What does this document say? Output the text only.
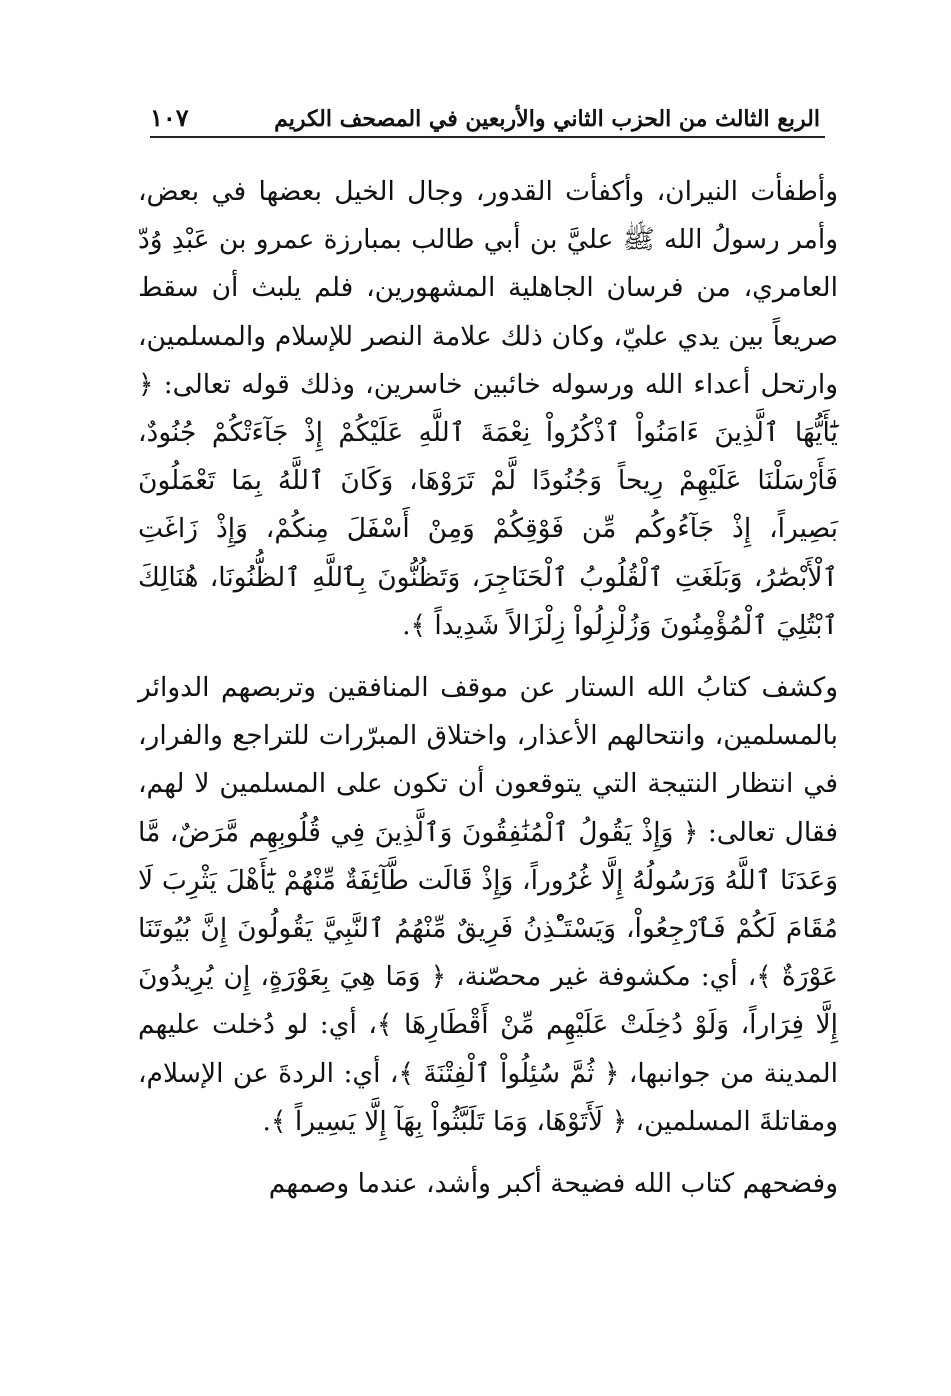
الربع الثالث من الحزب الثاني والأربعين في المصحف الكريم
١٠٧

وأطفأت النيران، وأكفأت القدور، وجال الخيل بعضها في بعض، وأمر رسولُ الله ﷺ عليَّ بن أبي طالب بمبارزة عمرو بن عَبْدِ وُدّ العامري، من فرسان الجاهلية المشهورين، فلم يلبث أن سقط صريعاً بين يدي عليّ، وكان ذلك علامة النصر للإسلام والمسلمين، وارتحل أعداء الله ورسوله خائبين خاسرين، وذلك قوله تعالى: ﴿ يَٰٓأَيُّهَا ٱلَّذِينَ ءَامَنُواْ ٱذْكُرُواْ نِعْمَةَ ٱللَّهِ عَلَيْكُمْ إِذْ جَآءَتْكُمْ جُنُودٌ، فَأَرْسَلْنَا عَلَيْهِمْ رِيحاً وَجُنُودًا لَّمْ تَرَوْهَا، وَكَانَ ٱللَّهُ بِمَا تَعْمَلُونَ بَصِيراً، إِذْ جَآءُوكُم مِّن فَوْقِكُمْ وَمِنْ أَسْفَلَ مِنكُمْ، وَإِذْ زَاغَتِ ٱلْأَبْصَٰرُ، وَبَلَغَتِ ٱلْقُلُوبُ ٱلْحَنَاجِرَ، وَتَظُنُّونَ بِٱللَّهِ ٱلظُّنُونَا، هُنَالِكَ ٱبْتُلِيَ ٱلْمُؤْمِنُونَ وَزُلْزِلُواْ زِلْزَالاً شَدِيداً ﴾.

وكشف كتابُ الله الستار عن موقف المنافقين وتربصهم الدوائر بالمسلمين، وانتحالهم الأعذار، واختلاق المبرّرات للتراجع والفرار، في انتظار النتيجة التي يتوقعون أن تكون على المسلمين لا لهم، فقال تعالى: ﴿ وَإِذْ يَقُولُ ٱلْمُنَٰفِقُونَ وَٱلَّذِينَ فِي قُلُوبِهِم مَّرَضٌ، مَّا وَعَدَنَا ٱللَّهُ وَرَسُولُهُ إِلَّا غُرُوراً، وَإِذْ قَالَت طَّآئِفَةٌ مِّنْهُمْ يَٰٓأَهْلَ يَثْرِبَ لَا مُقَامَ لَكُمْ فَٱرْجِعُواْ، وَيَسْتَـْٔذِنُ فَرِيقٌ مِّنْهُمُ ٱلنَّبِيَّ يَقُولُونَ إِنَّ بُيُوتَنَا عَوْرَةٌ ﴾، أي: مكشوفة غير محصّنة، ﴿ وَمَا هِيَ بِعَوْرَةٍ، إِن يُرِيدُونَ إِلَّا فِرَاراً، وَلَوْ دُخِلَتْ عَلَيْهِم مِّنْ أَقْطَارِهَا ﴾، أي: لو دُخلت عليهم المدينة من جوانبها، ﴿ ثُمَّ سُئِلُواْ ٱلْفِتْنَةَ ﴾، أي: الردةَ عن الإسلام، ومقاتلةَ المسلمين، ﴿ لَأَتَوْهَا، وَمَا تَلَبَّثُواْ بِهَآ إِلَّا يَسِيراً ﴾.

وفضحهم كتاب الله فضيحة أكبر وأشد، عندما وصمهم
